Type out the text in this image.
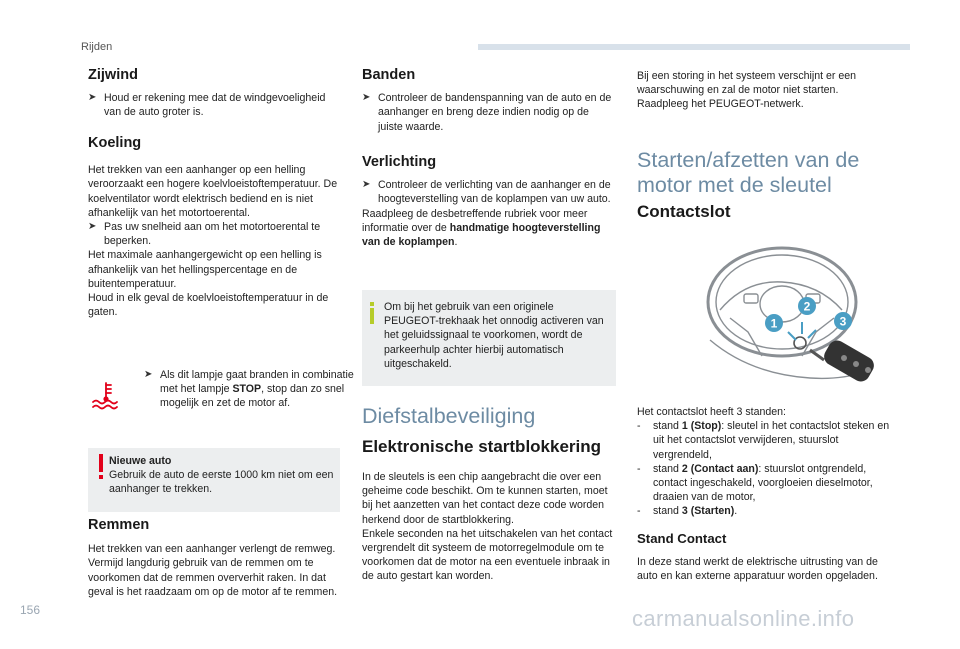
Rijden
Zijwind
➤ Houd er rekening mee dat de windgevoeligheid van de auto groter is.

Koeling

Het trekken van een aanhanger op een helling veroorzaakt een hogere koelvloeistoftemperatuur. De koelventilator wordt elektrisch bediend en is niet afhankelijk van het motortoerental.

➤ Pas uw snelheid aan om het motortoerental te beperken.

Het maximale aanhangergewicht op een helling is afhankelijk van het hellingspercentage en de buitentemperatuur.

Houd in elk geval de koelvloeistoftemperatuur in de gaten.

➤ Als dit lampje gaat branden in combinatie met het lampje STOP, stop dan zo snel mogelijk en zet de motor af.

Nieuwe auto

Gebruik de auto de eerste 1000 km niet om een aanhanger te trekken.

Remmen

Het trekken van een aanhanger verlengt de remweg. Vermijd langdurig gebruik van de remmen om te voorkomen dat de remmen oververhit raken. In dat geval is het raadzaam om op de motor af te remmen.

Banden
➤ Controleer de bandenspanning van de auto en de aanhanger en breng deze indien nodig op de juiste waarde.

Verlichting
➤ Controleer de verlichting van de aanhanger en de hoogteverstelling van de koplampen van uw auto.

Raadpleeg de desbetreffende rubriek voor meer informatie over de handmatige hoogteverstelling van de koplampen.

Om bij het gebruik van een originele PEUGEOT-trekhaak het onnodig activeren van het geluidssignaal te voorkomen, wordt de parkeerhulp achter hierbij automatisch uitgeschakeld.

Diefstalbeveiliging
Elektronische startblokkering

In de sleutels is een chip aangebracht die over een geheime code beschikt. Om te kunnen starten, moet bij het aanzetten van het contact deze code worden herkend door de startblokkering.

Enkele seconden na het uitschakelen van het contact vergrendelt dit systeem de motorregelmodule om te voorkomen dat de motor na een eventuele inbraak in de auto gestart kan worden.

Bij een storing in het systeem verschijnt er een waarschuwing en zal de motor niet starten. Raadpleeg het PEUGEOT-netwerk.

Starten/afzetten van de motor met de sleutel
Contactslot
1
2
3

Het contactslot heeft 3 standen:

- stand 1 (Stop): sleutel in het contactslot steken en uit het contactslot verwijderen, stuurslot vergrendeld,

- stand 2 (Contact aan): stuurslot ontgrendeld, contact ingeschakeld, voorgloeien dieselmotor, draaien van de motor,

- stand 3 (Starten).

Stand Contact

In deze stand werkt de elektrische uitrusting van de auto en kan externe apparatuur worden opgeladen.

156	carmanualsonline.info
